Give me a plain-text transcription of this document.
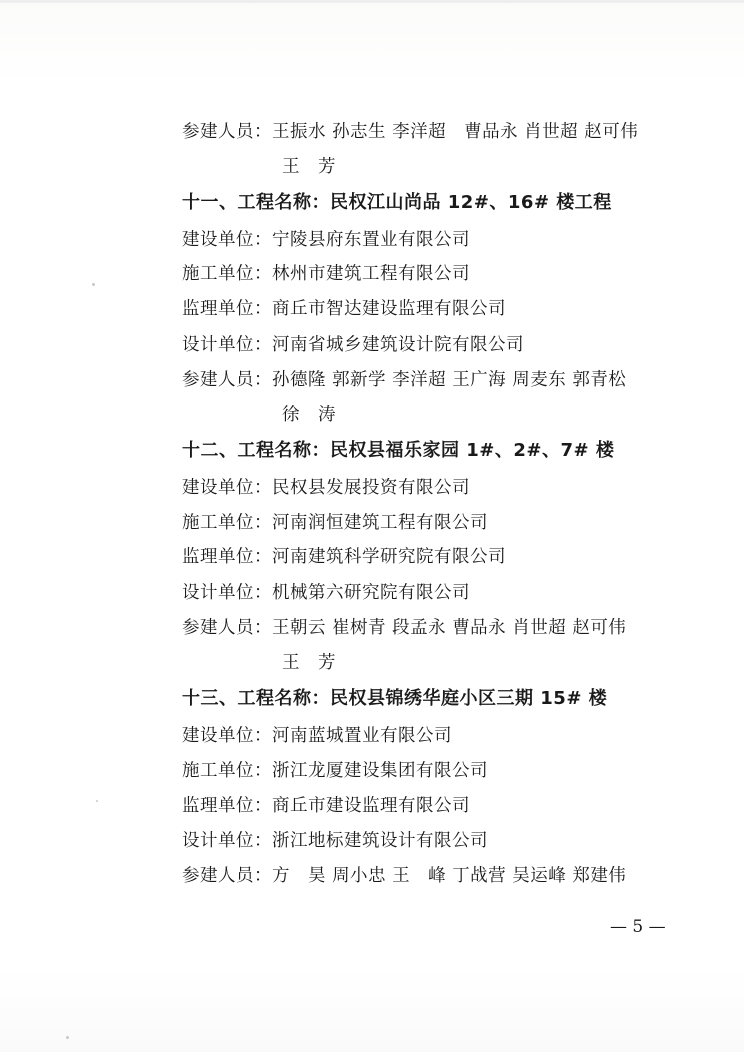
参建人员：王振水 孙志生 李洋超　曹品永 肖世超 赵可伟
王　芳
十一、工程名称：民权江山尚品 12#、16# 楼工程
建设单位：宁陵县府东置业有限公司
施工单位：林州市建筑工程有限公司
监理单位：商丘市智达建设监理有限公司
设计单位：河南省城乡建筑设计院有限公司
参建人员：孙德隆 郭新学 李洋超 王广海 周麦东 郭青松
徐　涛
十二、工程名称：民权县福乐家园 1#、2#、7# 楼
建设单位：民权县发展投资有限公司
施工单位：河南润恒建筑工程有限公司
监理单位：河南建筑科学研究院有限公司
设计单位：机械第六研究院有限公司
参建人员：王朝云 崔树青 段孟永 曹品永 肖世超 赵可伟
王　芳
十三、工程名称：民权县锦绣华庭小区三期 15# 楼
建设单位：河南蓝城置业有限公司
施工单位：浙江龙厦建设集团有限公司
监理单位：商丘市建设监理有限公司
设计单位：浙江地标建筑设计有限公司
参建人员：方　昊 周小忠 王　峰 丁战营 吴运峰 郑建伟
— 5 —
